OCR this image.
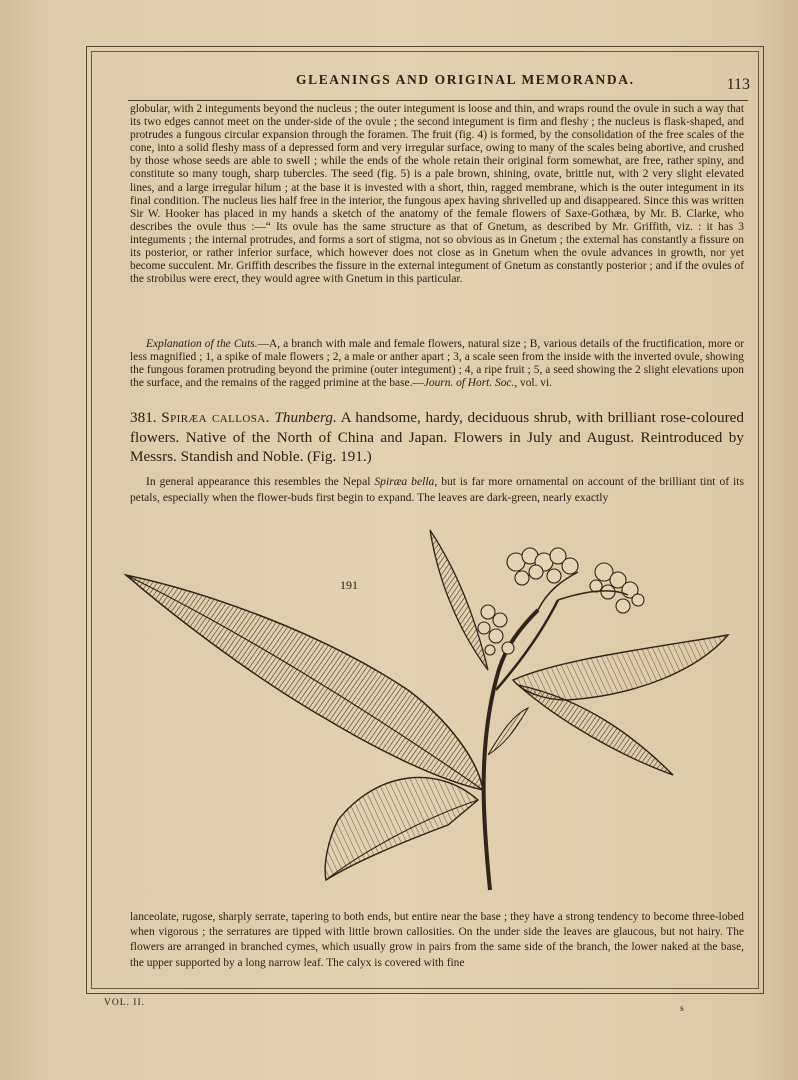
GLEANINGS AND ORIGINAL MEMORANDA.	113

globular, with 2 integuments beyond the nucleus ; the outer integument is loose and thin, and wraps round the ovule in such a way that its two edges cannot meet on the under-side of the ovule ; the second integument is firm and fleshy ; the nucleus is flask-shaped, and protrudes a fungous circular expansion through the foramen. The fruit (fig. 4) is formed, by the consolidation of the free scales of the cone, into a solid fleshy mass of a depressed form and very irregular surface, owing to many of the scales being abortive, and crushed by those whose seeds are able to swell ; while the ends of the whole retain their original form somewhat, are free, rather spiny, and constitute so many tough, sharp tubercles. The seed (fig. 5) is a pale brown, shining, ovate, brittle nut, with 2 very slight elevated lines, and a large irregular hilum ; at the base it is invested with a short, thin, ragged membrane, which is the outer integument in its final condition. The nucleus lies half free in the interior, the fungous apex having shrivelled up and disappeared. Since this was written Sir W. Hooker has placed in my hands a sketch of the anatomy of the female flowers of Saxe-Gothæa, by Mr. B. Clarke, who describes the ovule thus :—“ Its ovule has the same structure as that of Gnetum, as described by Mr. Griffith, viz. : it has 3 integuments ; the internal protrudes, and forms a sort of stigma, not so obvious as in Gnetum ; the external has constantly a fissure on its posterior, or rather inferior surface, which however does not close as in Gnetum when the ovule advances in growth, nor yet become succulent. Mr. Griffith describes the fissure in the external integument of Gnetum as constantly posterior ; and if the ovules of the strobilus were erect, they would agree with Gnetum in this particular.

Explanation of the Cuts.—A, a branch with male and female flowers, natural size ; B, various details of the fructification, more or less magnified ; 1, a spike of male flowers ; 2, a male or anther apart ; 3, a scale seen from the inside with the inverted ovule, showing the fungous foramen protruding beyond the primine (outer integument) ; 4, a ripe fruit ; 5, a seed showing the 2 slight elevations upon the surface, and the remains of the ragged primine at the base.—Journ. of Hort. Soc., vol. vi.

381. Spiræa callosa. Thunberg. A handsome, hardy, deciduous shrub, with brilliant rose-coloured flowers. Native of the North of China and Japan. Flowers in July and August. Reintroduced by Messrs. Standish and Noble. (Fig. 191.)

In general appearance this resembles the Nepal Spiræa bella, but is far more ornamental on account of the brilliant tint of its petals, especially when the flower-buds first begin to expand. The leaves are dark-green, nearly exactly

191

lanceolate, rugose, sharply serrate, tapering to both ends, but entire near the base ; they have a strong tendency to become three-lobed when vigorous ; the serratures are tipped with little brown callosities. On the under side the leaves are glaucous, but not hairy. The flowers are arranged in branched cymes, which usually grow in pairs from the same side of the branch, the lower naked at the base, the upper supported by a long narrow leaf. The calyx is covered with fine

VOL. II.
s
